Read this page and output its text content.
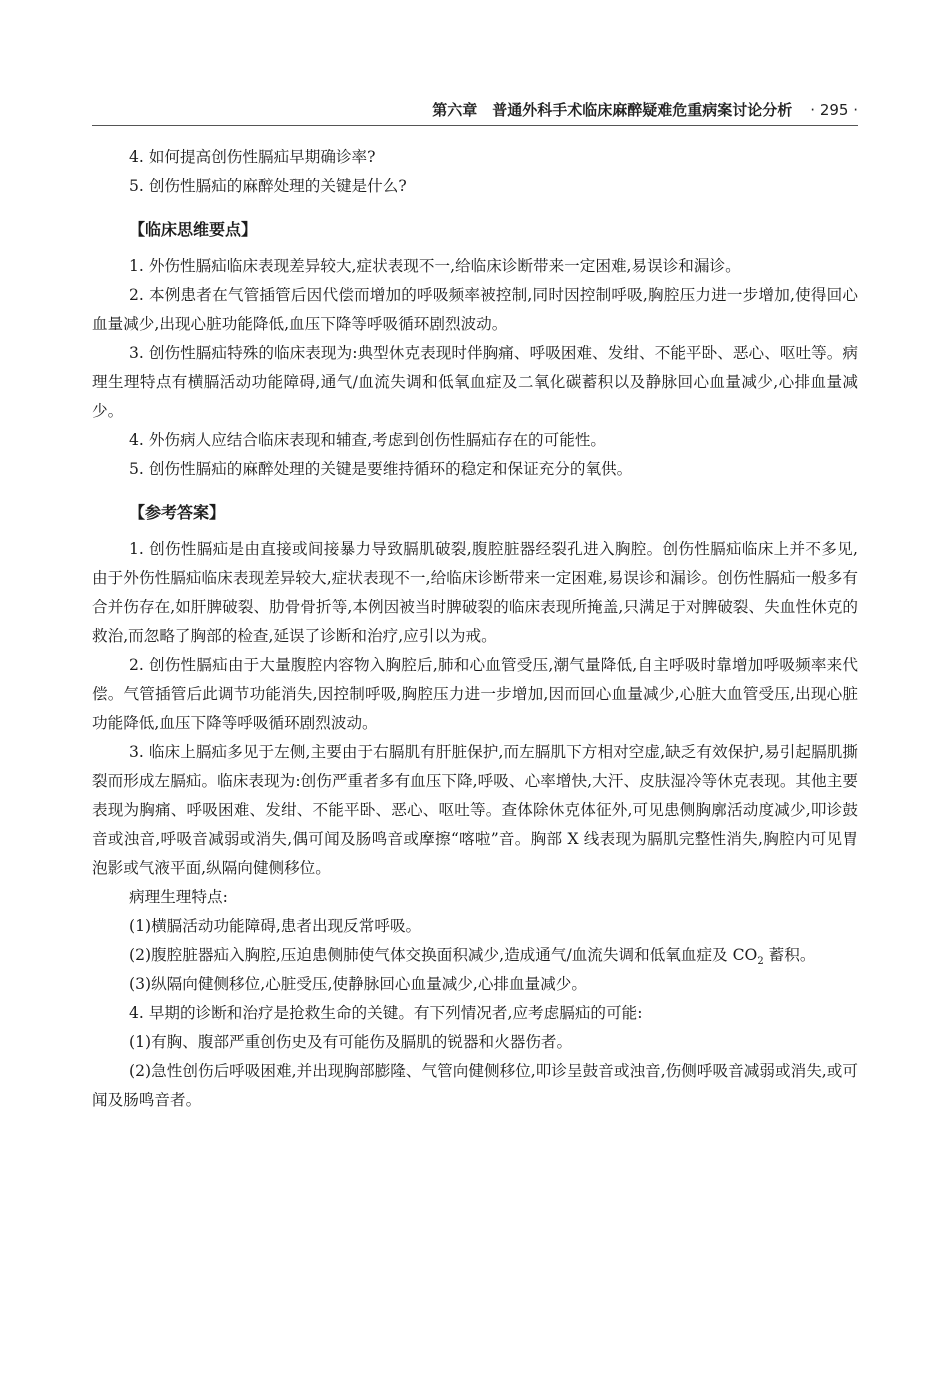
第六章　普通外科手术临床麻醉疑难危重病案讨论分析 · 295 ·

4. 如何提高创伤性膈疝早期确诊率?

5. 创伤性膈疝的麻醉处理的关键是什么?

【临床思维要点】

1. 外伤性膈疝临床表现差异较大,症状表现不一,给临床诊断带来一定困难,易误诊和漏诊。

2. 本例患者在气管插管后因代偿而增加的呼吸频率被控制,同时因控制呼吸,胸腔压力进一步增加,使得回心血量减少,出现心脏功能降低,血压下降等呼吸循环剧烈波动。

3. 创伤性膈疝特殊的临床表现为:典型休克表现时伴胸痛、呼吸困难、发绀、不能平卧、恶心、呕吐等。病理生理特点有横膈活动功能障碍,通气/血流失调和低氧血症及二氧化碳蓄积以及静脉回心血量减少,心排血量减少。

4. 外伤病人应结合临床表现和辅查,考虑到创伤性膈疝存在的可能性。

5. 创伤性膈疝的麻醉处理的关键是要维持循环的稳定和保证充分的氧供。

【参考答案】

1. 创伤性膈疝是由直接或间接暴力导致膈肌破裂,腹腔脏器经裂孔进入胸腔。创伤性膈疝临床上并不多见,由于外伤性膈疝临床表现差异较大,症状表现不一,给临床诊断带来一定困难,易误诊和漏诊。创伤性膈疝一般多有合并伤存在,如肝脾破裂、肋骨骨折等,本例因被当时脾破裂的临床表现所掩盖,只满足于对脾破裂、失血性休克的救治,而忽略了胸部的检查,延误了诊断和治疗,应引以为戒。

2. 创伤性膈疝由于大量腹腔内容物入胸腔后,肺和心血管受压,潮气量降低,自主呼吸时靠增加呼吸频率来代偿。气管插管后此调节功能消失,因控制呼吸,胸腔压力进一步增加,因而回心血量减少,心脏大血管受压,出现心脏功能降低,血压下降等呼吸循环剧烈波动。

3. 临床上膈疝多见于左侧,主要由于右膈肌有肝脏保护,而左膈肌下方相对空虚,缺乏有效保护,易引起膈肌撕裂而形成左膈疝。临床表现为:创伤严重者多有血压下降,呼吸、心率增快,大汗、皮肤湿冷等休克表现。其他主要表现为胸痛、呼吸困难、发绀、不能平卧、恶心、呕吐等。查体除休克体征外,可见患侧胸廓活动度减少,叩诊鼓音或浊音,呼吸音减弱或消失,偶可闻及肠鸣音或摩擦“喀啦”音。胸部 X 线表现为膈肌完整性消失,胸腔内可见胃泡影或气液平面,纵隔向健侧移位。

病理生理特点:

(1)横膈活动功能障碍,患者出现反常呼吸。

(2)腹腔脏器疝入胸腔,压迫患侧肺使气体交换面积减少,造成通气/血流失调和低氧血症及 $CO_2$ 蓄积。

(3)纵隔向健侧移位,心脏受压,使静脉回心血量减少,心排血量减少。

4. 早期的诊断和治疗是抢救生命的关键。有下列情况者,应考虑膈疝的可能:

(1)有胸、腹部严重创伤史及有可能伤及膈肌的锐器和火器伤者。

(2)急性创伤后呼吸困难,并出现胸部膨隆、气管向健侧移位,叩诊呈鼓音或浊音,伤侧呼吸音减弱或消失,或可闻及肠鸣音者。
